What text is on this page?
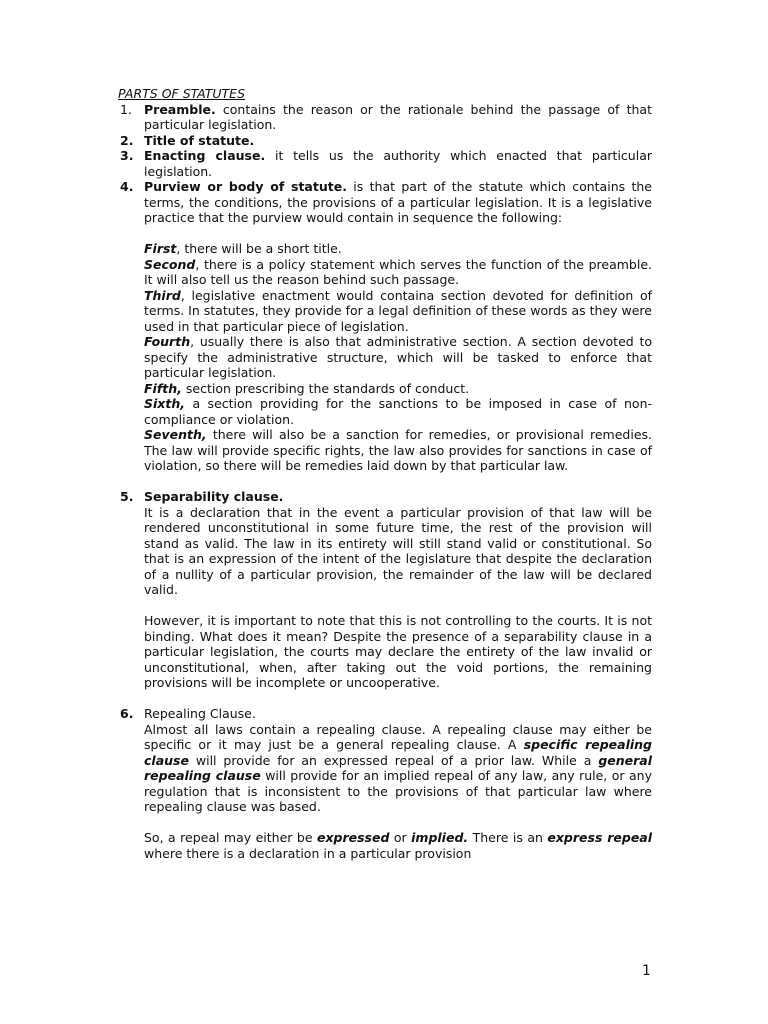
PARTS OF STATUTES
1. Preamble. contains the reason or the rationale behind the passage of that particular legislation.
2. Title of statute.
3. Enacting clause. it tells us the authority which enacted that particular legislation.
4. Purview or body of statute. is that part of the statute which contains the terms, the conditions, the provisions of a particular legislation. It is a legislative practice that the purview would contain in sequence the following:
First, there will be a short title.
Second, there is a policy statement which serves the function of the preamble. It will also tell us the reason behind such passage.
Third, legislative enactment would containa section devoted for definition of terms. In statutes, they provide for a legal definition of these words as they were used in that particular piece of legislation.
Fourth, usually there is also that administrative section. A section devoted to specify the administrative structure, which will be tasked to enforce that particular legislation.
Fifth, section prescribing the standards of conduct.
Sixth, a section providing for the sanctions to be imposed in case of non-compliance or violation.
Seventh, there will also be a sanction for remedies, or provisional remedies. The law will provide specific rights, the law also provides for sanctions in case of violation, so there will be remedies laid down by that particular law.
5. Separability clause.
It is a declaration that in the event a particular provision of that law will be rendered unconstitutional in some future time, the rest of the provision will stand as valid. The law in its entirety will still stand valid or constitutional. So that is an expression of the intent of the legislature that despite the declaration of a nullity of a particular provision, the remainder of the law will be declared valid.
However, it is important to note that this is not controlling to the courts. It is not binding. What does it mean? Despite the presence of a separability clause in a particular legislation, the courts may declare the entirety of the law invalid or unconstitutional, when, after taking out the void portions, the remaining provisions will be incomplete or uncooperative.
6. Repealing Clause.
Almost all laws contain a repealing clause. A repealing clause may either be specific or it may just be a general repealing clause. A specific repealing clause will provide for an expressed repeal of a prior law. While a general repealing clause will provide for an implied repeal of any law, any rule, or any regulation that is inconsistent to the provisions of that particular law where repealing clause was based.
So, a repeal may either be expressed or implied. There is an express repeal where there is a declaration in a particular provision
1
